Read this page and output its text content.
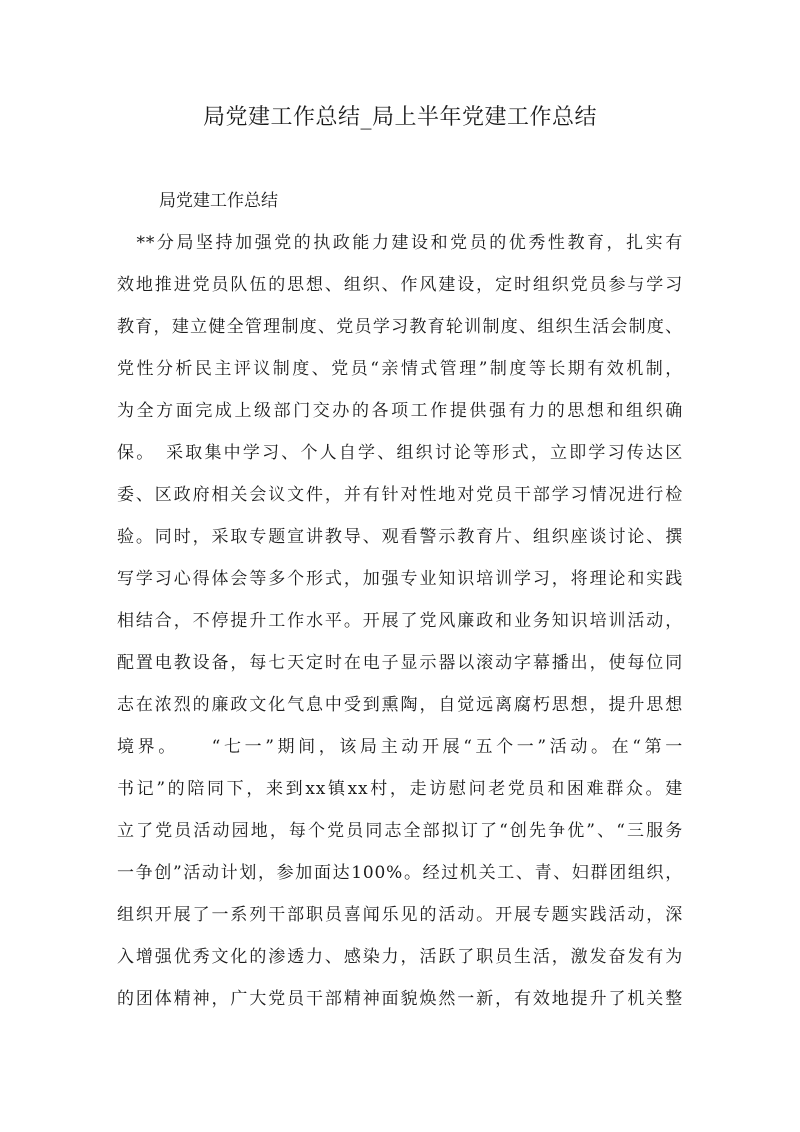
局党建工作总结_局上半年党建工作总结

局党建工作总结

　**分局坚持加强党的执政能力建设和党员的优秀性教育，扎实有
效地推进党员队伍的思想、组织、作风建设，定时组织党员参与学习
教育，建立健全管理制度、党员学习教育轮训制度、组织生活会制度、
党性分析民主评议制度、党员“亲情式管理”制度等长期有效机制，
为全方面完成上级部门交办的各项工作提供强有力的思想和组织确
保。　采取集中学习、个人自学、组织讨论等形式，立即学习传达区
委、区政府相关会议文件，并有针对性地对党员干部学习情况进行检
验。同时，采取专题宣讲教导、观看警示教育片、组织座谈讨论、撰
写学习心得体会等多个形式，加强专业知识培训学习，将理论和实践
相结合，不停提升工作水平。开展了党风廉政和业务知识培训活动，
配置电教设备，每七天定时在电子显示器以滚动字幕播出，使每位同
志在浓烈的廉政文化气息中受到熏陶，自觉远离腐朽思想，提升思想
境界。　　“七一”期间，该局主动开展“五个一”活动。在“第一
书记”的陪同下，来到xx镇xx村，走访慰问老党员和困难群众。建
立了党员活动园地，每个党员同志全部拟订了“创先争优”、“三服务
一争创”活动计划，参加面达100%。经过机关工、青、妇群团组织，
组织开展了一系列干部职员喜闻乐见的活动。开展专题实践活动，深
入增强优秀文化的渗透力、感染力，活跃了职员生活，激发奋发有为
的团体精神，广大党员干部精神面貌焕然一新，有效地提升了机关整
